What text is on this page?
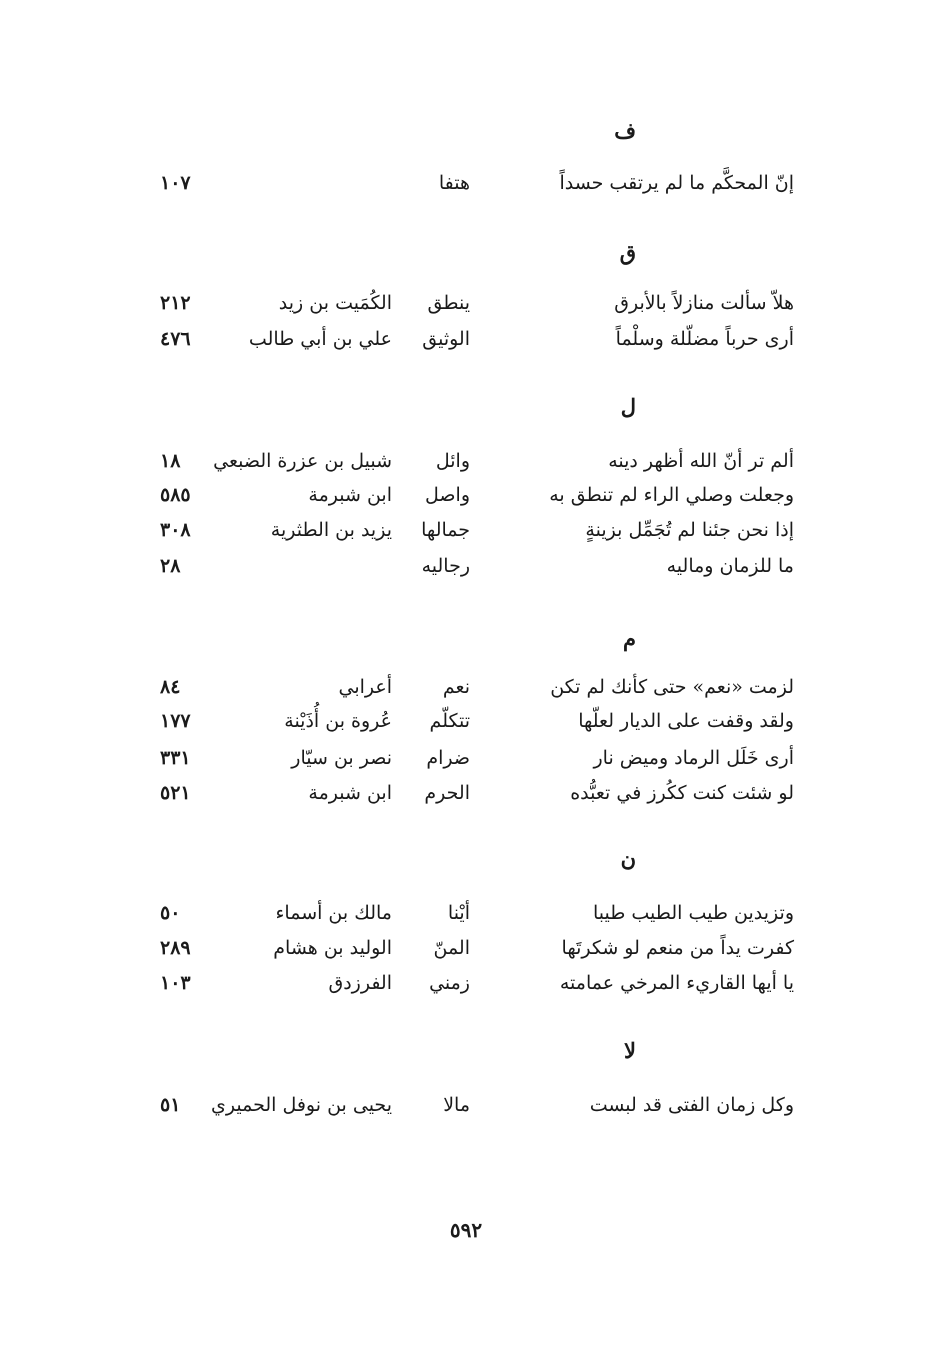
ف
إنّ المحكَّم ما لم يرتقب حسداً
هتفا
١٠٧
ق
هلاّ سألت منازلاً بالأبرق
ينطق
الكُمَيت بن زيد
٢١٢
أرى حرباً مضلّلة وسلْماً
الوثيق
علي بن أبي طالب
٤٧٦
ل
ألم تر أنّ الله أظهر دينه
وائل
شبيل بن عزرة الضبعي
١٨
وجعلت وصلي الراء لم تنطق به
واصل
ابن شبرمة
٥٨٥
إذا نحن جئنا لم تُجَمِّل بزينةٍ
جمالها
يزيد بن الطثرية
٣٠٨
ما للزمان وماليه
رجاليه
٢٨
م
لزمت «نعم» حتى كأنك لم تكن
نعم
أعرابي
٨٤
ولقد وقفت على الديار لعلّها
تتكلّم
عُروة بن أُذَيْنة
١٧٧
أرى خَلَل الرماد وميض نار
ضرام
نصر بن سيّار
٣٣١
لو شئت كنت ككُرز في تعبُّده
الحرم
ابن شبرمة
٥٢١
ن
وتزيدين طيب الطيب طيبا
أيْنا
مالك بن أسماء
٥٠
كفرت يداً من منعم لو شكرتَها
المنّ
الوليد بن هشام
٢٨٩
يا أيها القاريء المرخي عمامته
زمني
الفرزدق
١٠٣
لا
وكل زمان الفتى قد لبست
مالا
يحيى بن نوفل الحميري
٥١
٥٩٢
